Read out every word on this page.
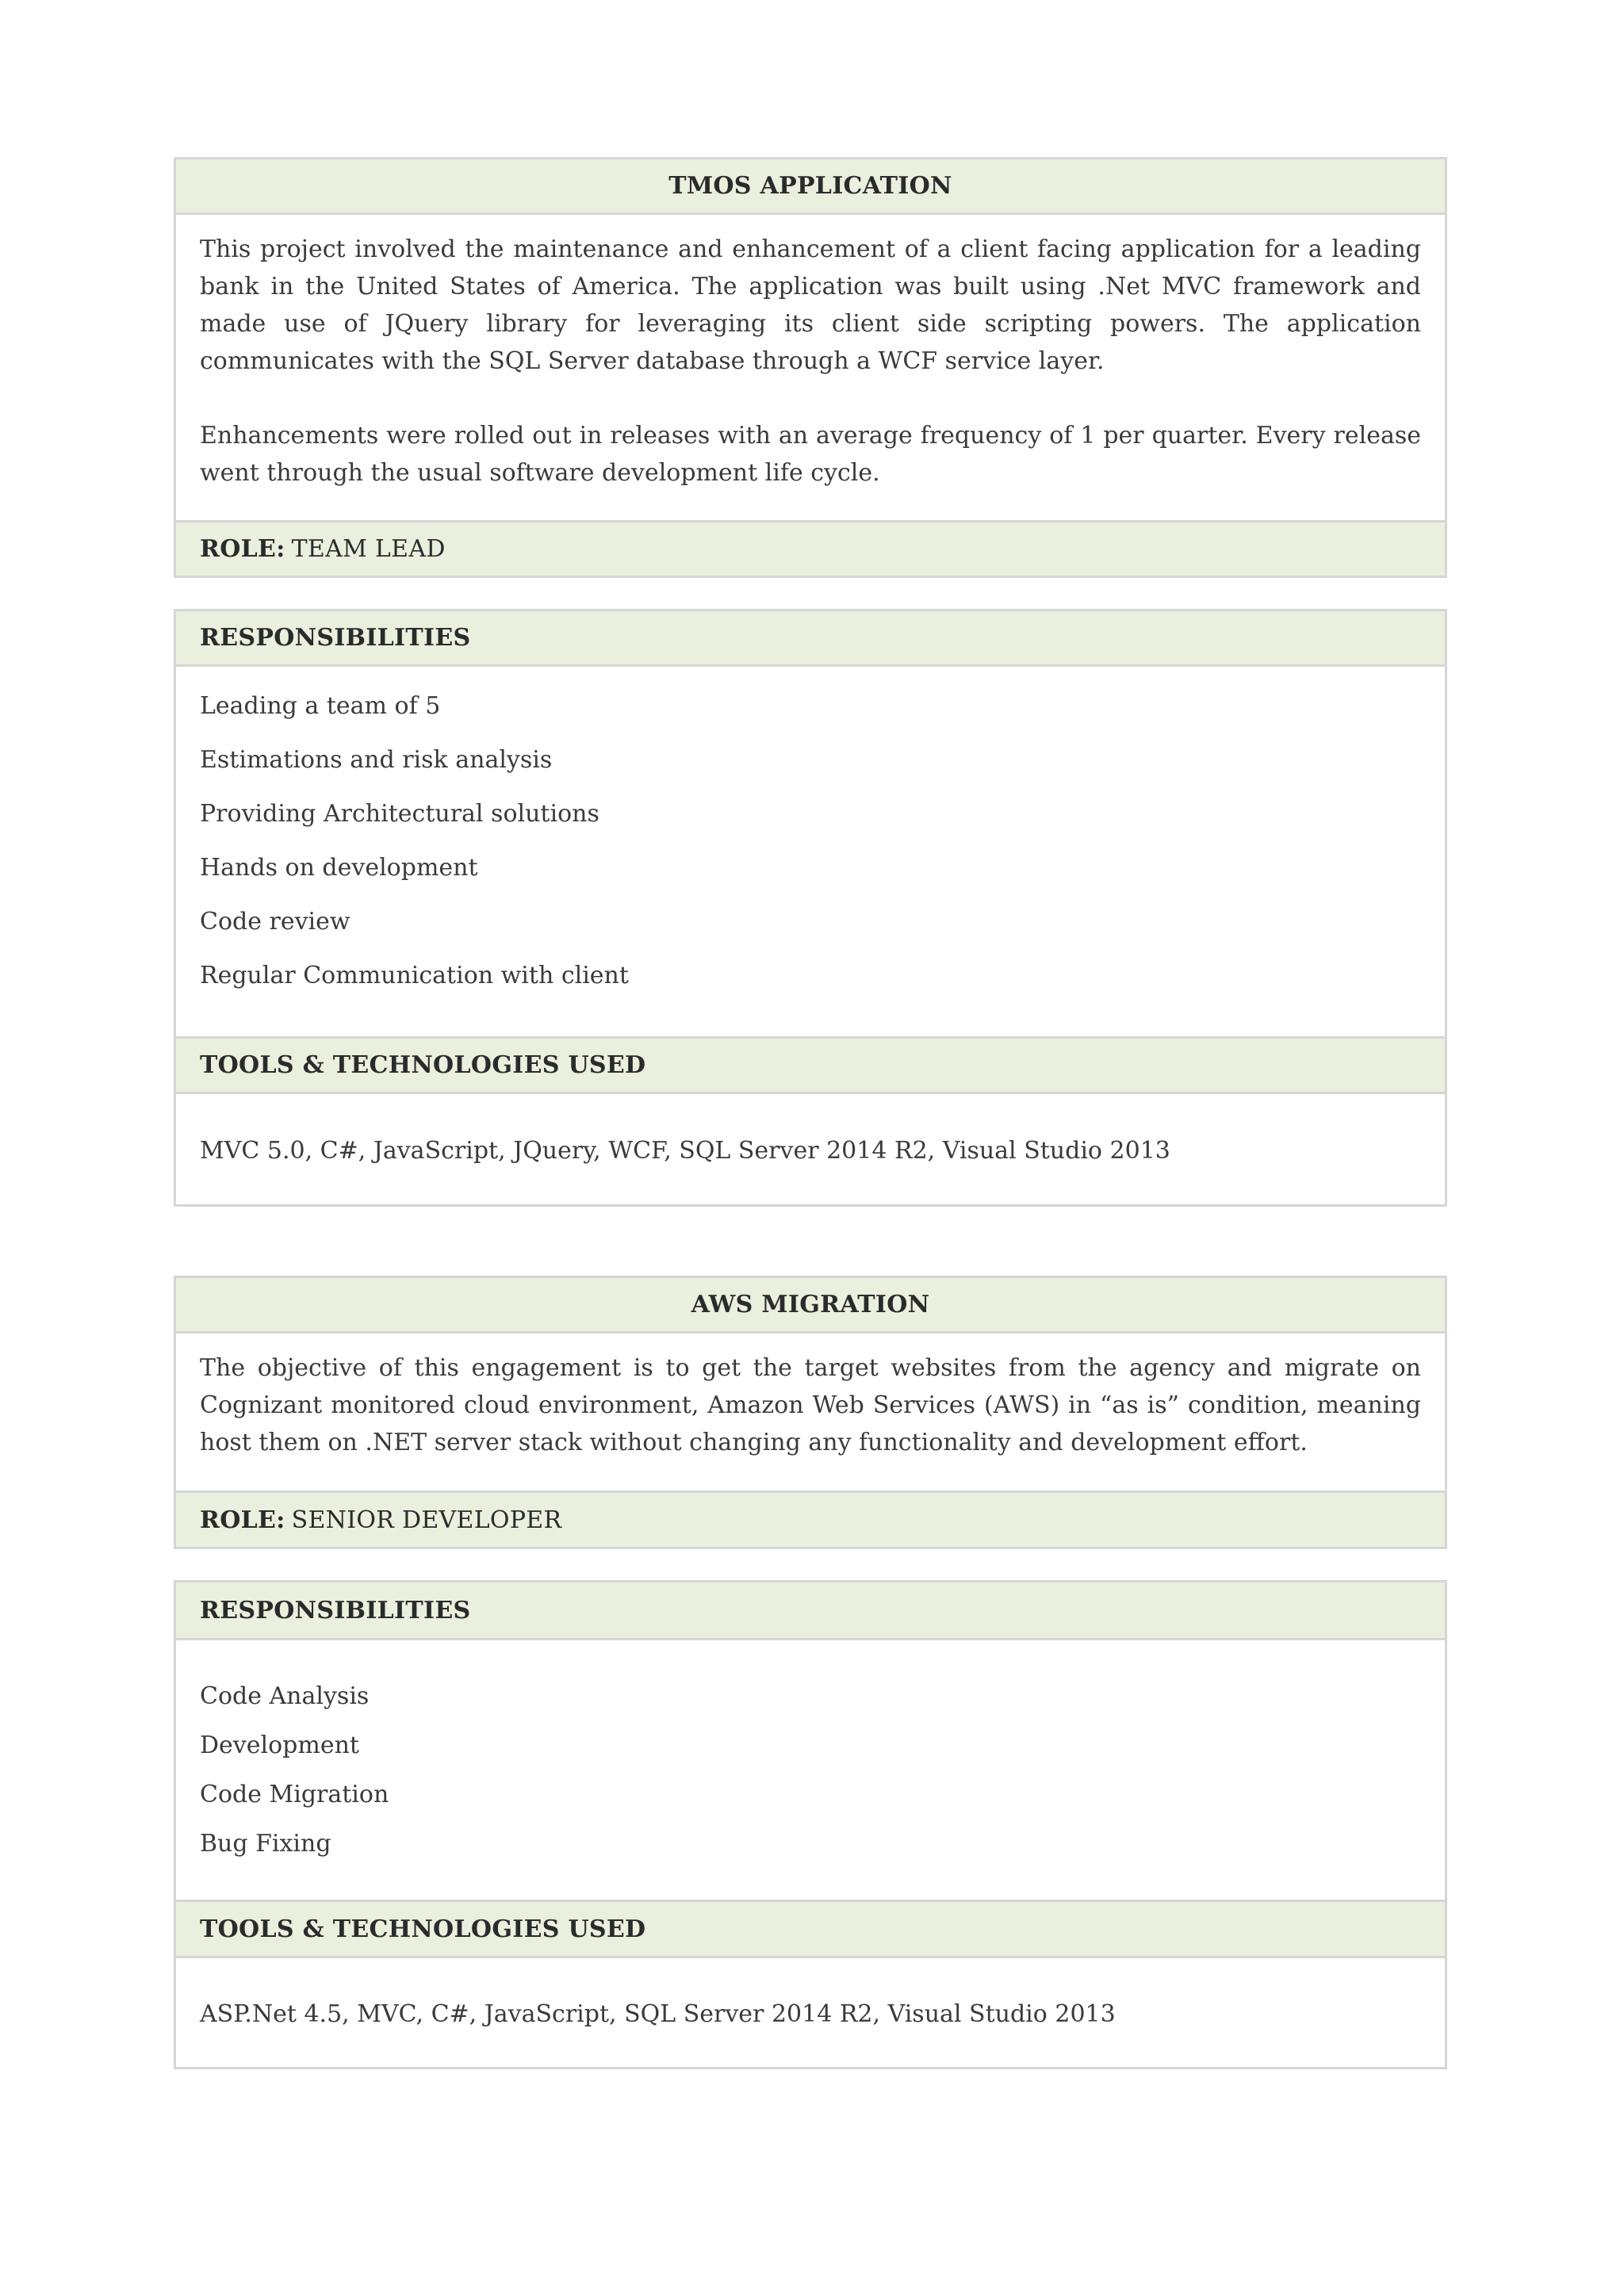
TMOS APPLICATION

This project involved the maintenance and enhancement of a client facing application for a leading bank in the United States of America. The application was built using .Net MVC framework and made use of JQuery library for leveraging its client side scripting powers. The application communicates with the SQL Server database through a WCF service layer.

Enhancements were rolled out in releases with an average frequency of 1 per quarter. Every release went through the usual software development life cycle.

ROLE: TEAM LEAD
RESPONSIBILITIES
Leading a team of 5
Estimations and risk analysis
Providing Architectural solutions
Hands on development
Code review
Regular Communication with client
TOOLS & TECHNOLOGIES USED
MVC 5.0, C#, JavaScript, JQuery, WCF, SQL Server 2014 R2, Visual Studio 2013
AWS MIGRATION

The objective of this engagement is to get the target websites from the agency and migrate on Cognizant monitored cloud environment, Amazon Web Services (AWS) in “as is” condition, meaning host them on .NET server stack without changing any functionality and development effort.

ROLE: SENIOR DEVELOPER
RESPONSIBILITIES
Code Analysis
Development
Code Migration
Bug Fixing
TOOLS & TECHNOLOGIES USED
ASP.Net 4.5, MVC, C#, JavaScript, SQL Server 2014 R2, Visual Studio 2013
